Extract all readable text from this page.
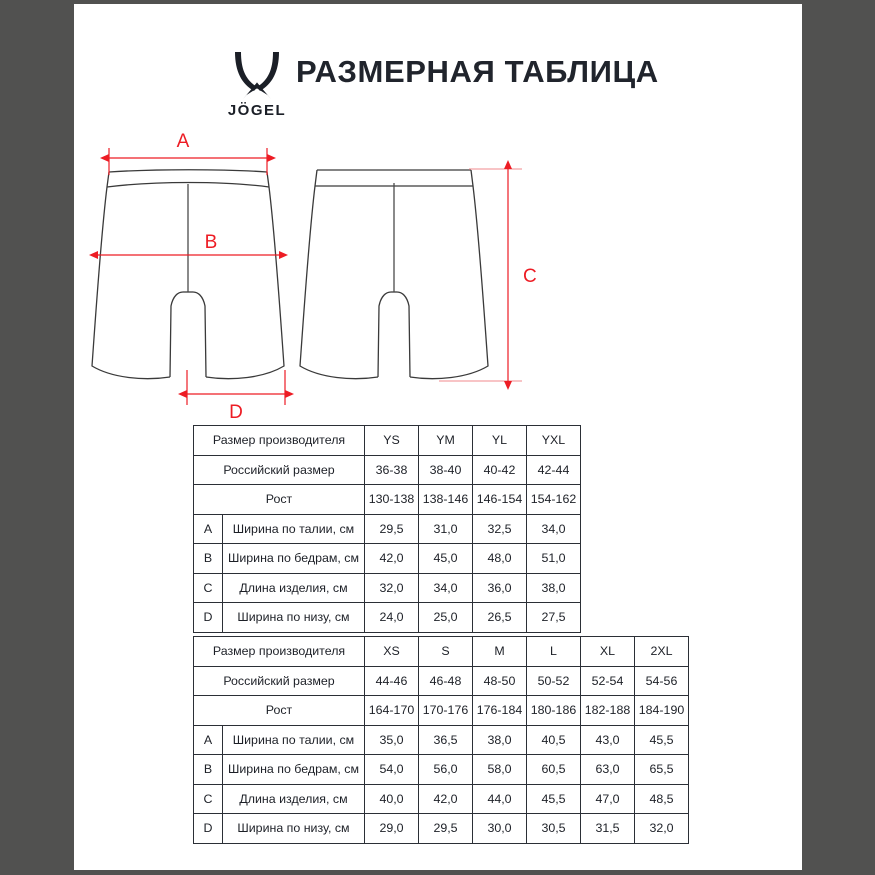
JÖGEL
РАЗМЕРНАЯ ТАБЛИЦА
A
B
D
C
Размер производителя		YS	YM	YL	YXL
Российский размер		36-38	38-40	40-42	42-44
Рост		130-138	138-146	146-154	154-162
A	Ширина по талии, см	29,5	31,0	32,5	34,0
B	Ширина по бедрам, см	42,0	45,0	48,0	51,0
C	Длина изделия, см	32,0	34,0	36,0	38,0
D	Ширина по низу, см	24,0	25,0	26,5	27,5
Размер производителя		XS	S	M	L	XL	2XL
Российский размер		44-46	46-48	48-50	50-52	52-54	54-56
Рост		164-170	170-176	176-184	180-186	182-188	184-190
A	Ширина по талии, см	35,0	36,5	38,0	40,5	43,0	45,5
B	Ширина по бедрам, см	54,0	56,0	58,0	60,5	63,0	65,5
C	Длина изделия, см	40,0	42,0	44,0	45,5	47,0	48,5
D	Ширина по низу, см	29,0	29,5	30,0	30,5	31,5	32,0
